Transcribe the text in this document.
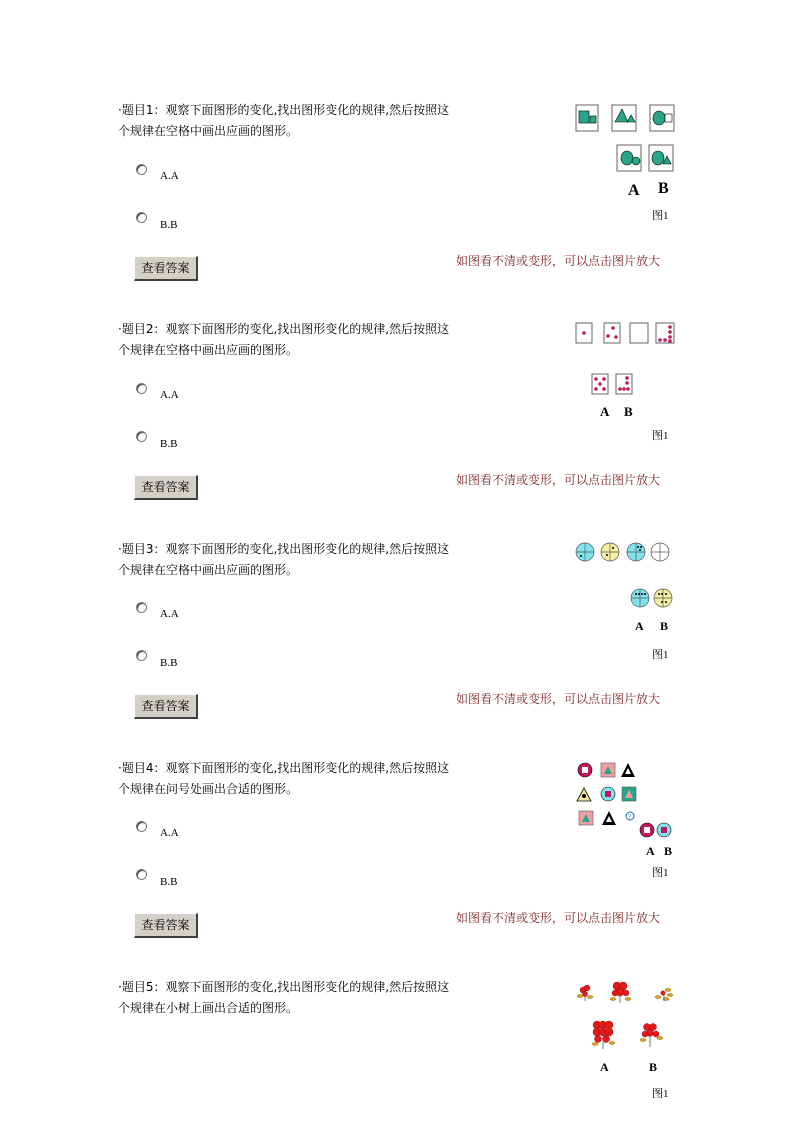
·题目1：观察下面图形的变化,找出图形变化的规律,然后按照这个规律在空格中画出应画的图形。
A.A
B.B
查看答案	如图看不清或变形，可以点击图片放大
A B
图1
·题目2：观察下面图形的变化,找出图形变化的规律,然后按照这个规律在空格中画出应画的图形。
A.A
B.B
查看答案	如图看不清或变形，可以点击图片放大
A B
图1
·题目3：观察下面图形的变化,找出图形变化的规律,然后按照这个规律在空格中画出应画的图形。
A.A
B.B
查看答案	如图看不清或变形，可以点击图片放大
A B
图1
·题目4：观察下面图形的变化,找出图形变化的规律,然后按照这个规律在问号处画出合适的图形。
A.A
B.B
查看答案	如图看不清或变形，可以点击图片放大
?
A B
图1
·题目5：观察下面图形的变化,找出图形变化的规律,然后按照这个规律在小树上画出合适的图形。
A	B
图1
